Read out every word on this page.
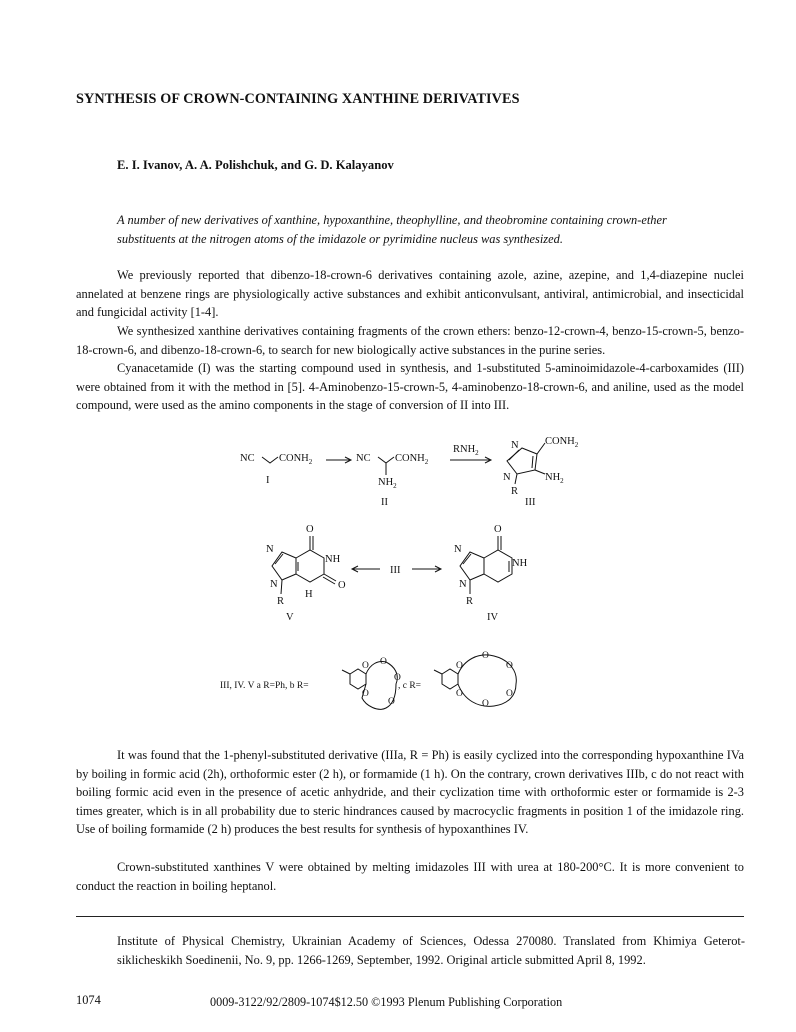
SYNTHESIS OF CROWN-CONTAINING XANTHINE DERIVATIVES
E. I. Ivanov, A. A. Polishchuk, and G. D. Kalayanov
A number of new derivatives of xanthine, hypoxanthine, theophylline, and theobromine containing crown-ether substituents at the nitrogen atoms of the imidazole or pyrimidine nucleus was synthesized.

We previously reported that dibenzo-18-crown-6 derivatives containing azole, azine, azepine, and 1,4-diazepine nuclei annelated at benzene rings are physiologically active substances and exhibit anticonvulsant, antiviral, antimicrobial, and insecticidal and fungicidal activity [1-4].

We synthesized xanthine derivatives containing fragments of the crown ethers: benzo-12-crown-4, benzo-15-crown-5, benzo-18-crown-6, and dibenzo-18-crown-6, to search for new biologically active substances in the purine series.

Cyanacetamide (I) was the starting compound used in synthesis, and 1-substituted 5-aminoimidazole-4-carboxamides (III) were obtained from it with the method in [5]. 4-Aminobenzo-15-crown-5, 4-aminobenzo-18-crown-6, and aniline, used as the model compound, were used as the amino components in the stage of conversion of II into III.

NC $CONH_2$	NC $CONH_2$
$NH_2$
$RNH_2$
N	$CONH_2$
$NH_2$
N
R
I
II	III
O
NH
O
N
N
H
R
V
III
O
NH
N
N
R
IV
III, IV. V a R=Ph, b R=	, c R=
O O
O
O
O
O
O
O
O
O
O

It was found that the 1-phenyl-substituted derivative (IIIa, R = Ph) is easily cyclized into the corresponding hypoxanthine IVa by boiling in formic acid (2h), orthoformic ester (2 h), or formamide (1 h). On the contrary, crown derivatives IIIb, c do not react with boiling formic acid even in the presence of acetic anhydride, and their cyclization time with orthoformic ester or formamide is 2-3 times greater, which is in all probability due to steric hindrances caused by macrocyclic fragments in position 1 of the imidazole ring. Use of boiling formamide (2 h) produces the best results for synthesis of hypoxanthines IV.

Crown-substituted xanthines V were obtained by melting imidazoles III with urea at 180-200°C. It is more convenient to conduct the reaction in boiling heptanol.

Institute of Physical Chemistry, Ukrainian Academy of Sciences, Odessa 270080. Translated from Khimiya Geterot-siklicheskikh Soedinenii, No. 9, pp. 1266-1269, September, 1992. Original article submitted April 8, 1992.

1074	0009-3122/92/2809-1074$12.50 ©1993 Plenum Publishing Corporation
